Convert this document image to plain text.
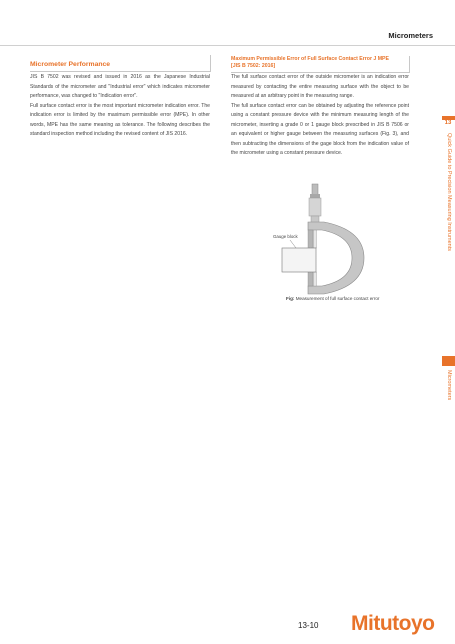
Micrometers
Micrometer Performance

JIS B 7502 was revised and issued in 2016 as the Japanese Industrial Standards of the micrometer and "Industrial error" which indicates micrometer performance, was changed to "Indication error".

Full surface contact error is the most important micrometer indication error. The indication error is limited by the maximum permissible error (MPE). In other words, MPE has the same meaning as tolerance. The following describes the standard inspection method including the revised content of JIS 2016.

Maximum Permissible Error of Full Surface Contact Error J MPE
[JIS B 7502: 2016]

The full surface contact error of the outside micrometer is an indication error measured by contacting the entire measuring surface with the object to be measured at an arbitrary point in the measuring range.

The full surface contact error can be obtained by adjusting the reference point using a constant pressure device with the minimum measuring length of the micrometer, inserting a grade 0 or 1 gauge block prescribed in JIS B 7506 or an equivalent or higher gauge between the measuring surfaces (Fig. 3), and then subtracting the dimensions of the gage block from the indication value of the micrometer using a constant pressure device.

Gauge block
Fig: Measurement of full surface contact error
13
Quick Guide to Precision Measuring Instruments
Micrometers
13-10 Mitutoyo
